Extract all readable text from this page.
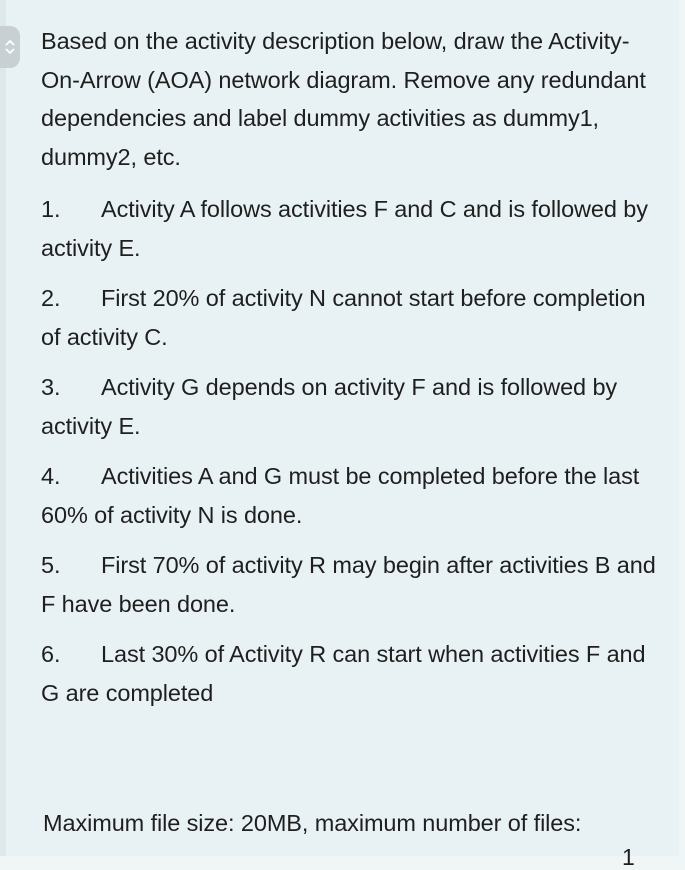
Based on the activity description below, draw the Activity-On-Arrow (AOA) network diagram. Remove any redundant dependencies and label dummy activities as dummy1, dummy2, etc.

1. Activity A follows activities F and C and is followed by activity E.

2. First 20% of activity N cannot start before completion of activity C.

3. Activity G depends on activity F and is followed by activity E.

4. Activities A and G must be completed before the last 60% of activity N is done.

5. First 70% of activity R may begin after activities B and F have been done.

6. Last 30% of Activity R can start when activities F and G are completed

Maximum file size: 20MB, maximum number of files:
1
